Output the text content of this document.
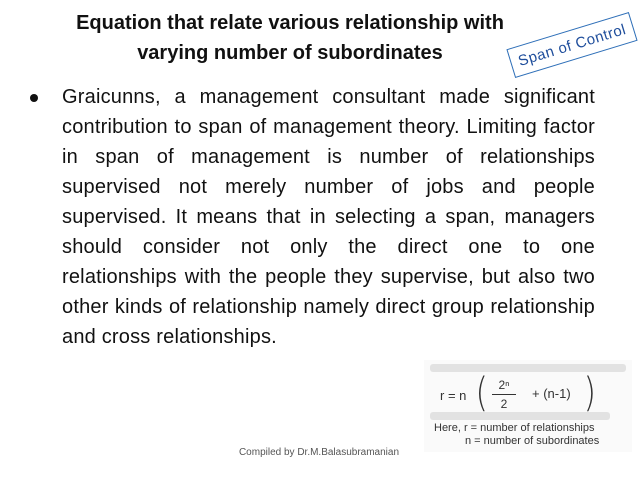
Equation that relate various relationship with
varying number of subordinates	Span of Control
Graicunns, a management consultant made significant contribution to span of management theory. Limiting factor in span of management is number of relationships supervised not merely number of jobs and people supervised. It means that in selecting a span, managers should consider not only the direct one to one relationships with the people they supervise, but also two other kinds of relationship namely direct group relationship and cross relationships.
r = n ( 2ⁿ
2
+ (n-1) )
Here, r = number of relationships
n = number of subordinates
Compiled by Dr.M.Balasubramanian
